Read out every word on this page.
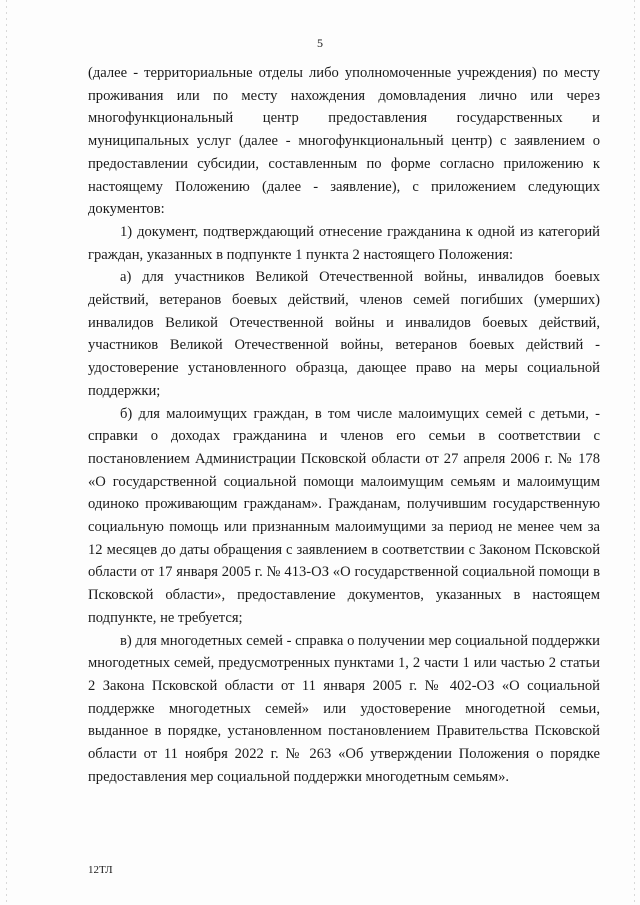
5

(далее - территориальные отделы либо уполномоченные учреждения) по месту проживания или по месту нахождения домовладения лично или через многофункциональный центр предоставления государственных и муниципальных услуг (далее - многофункциональный центр) с заявлением о предоставлении субсидии, составленным по форме согласно приложению к настоящему Положению (далее - заявление), с приложением следующих документов:

1) документ, подтверждающий отнесение гражданина к одной из категорий граждан, указанных в подпункте 1 пункта 2 настоящего Положения:

а) для участников Великой Отечественной войны, инвалидов боевых действий, ветеранов боевых действий, членов семей погибших (умерших) инвалидов Великой Отечественной войны и инвалидов боевых действий, участников Великой Отечественной войны, ветеранов боевых действий - удостоверение установленного образца, дающее право на меры социальной поддержки;

б) для малоимущих граждан, в том числе малоимущих семей с детьми, - справки о доходах гражданина и членов его семьи в соответствии с постановлением Администрации Псковской области от 27 апреля 2006 г. № 178 «О государственной социальной помощи малоимущим семьям и малоимущим одиноко проживающим гражданам». Гражданам, получившим государственную социальную помощь или признанным малоимущими за период не менее чем за 12 месяцев до даты обращения с заявлением в соответствии с Законом Псковской области от 17 января 2005 г. № 413-ОЗ «О государственной социальной помощи в Псковской области», предоставление документов, указанных в настоящем подпункте, не требуется;

в) для многодетных семей - справка о получении мер социальной поддержки многодетных семей, предусмотренных пунктами 1, 2 части 1 или частью 2 статьи 2 Закона Псковской области от 11 января 2005 г. № 402-ОЗ «О социальной поддержке многодетных семей» или удостоверение многодетной семьи, выданное в порядке, установленном постановлением Правительства Псковской области от 11 ноября 2022 г. № 263 «Об утверждении Положения о порядке предоставления мер социальной поддержки многодетным семьям».

12ТЛ
